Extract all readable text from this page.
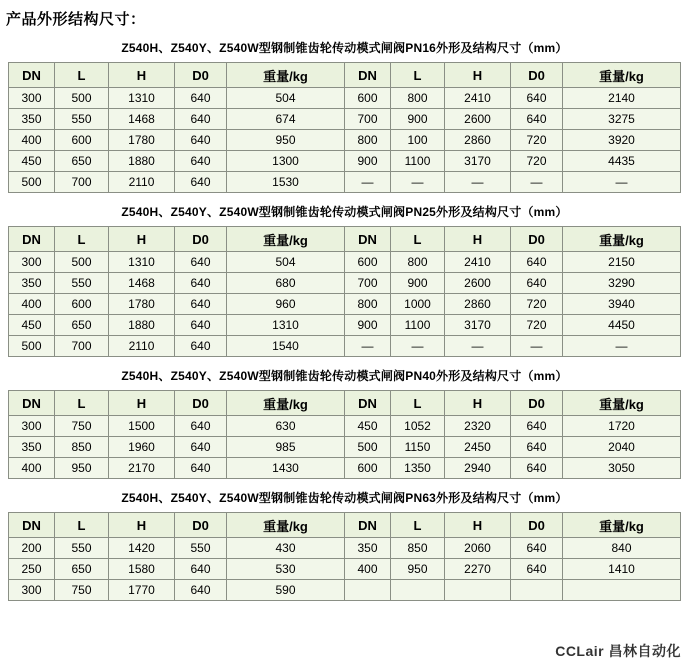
产品外形结构尺寸：
Z540H、Z540Y、Z540W型钢制锥齿轮传动模式闸阀PN16外形及结构尺寸（mm）
DN	L	H	D0	重量/kg	DN	L	H	D0	重量/kg
300	500	1310	640	504	600	800	2410	640	2140
350	550	1468	640	674	700	900	2600	640	3275
400	600	1780	640	950	800	100	2860	720	3920
450	650	1880	640	1300	900	1100	3170	720	4435
500	700	2110	640	1530	—	—	—	—	—
Z540H、Z540Y、Z540W型钢制锥齿轮传动模式闸阀PN25外形及结构尺寸（mm）
DN	L	H	D0	重量/kg	DN	L	H	D0	重量/kg
300	500	1310	640	504	600	800	2410	640	2150
350	550	1468	640	680	700	900	2600	640	3290
400	600	1780	640	960	800	1000	2860	720	3940
450	650	1880	640	1310	900	1100	3170	720	4450
500	700	2110	640	1540	—	—	—	—	—
Z540H、Z540Y、Z540W型钢制锥齿轮传动模式闸阀PN40外形及结构尺寸（mm）
DN	L	H	D0	重量/kg	DN	L	H	D0	重量/kg
300	750	1500	640	630	450	1052	2320	640	1720
350	850	1960	640	985	500	1150	2450	640	2040
400	950	2170	640	1430	600	1350	2940	640	3050
Z540H、Z540Y、Z540W型钢制锥齿轮传动模式闸阀PN63外形及结构尺寸（mm）
DN	L	H	D0	重量/kg	DN	L	H	D0	重量/kg
200	550	1420	550	430	350	850	2060	640	840
250	650	1580	640	530	400	950	2270	640	1410
300	750	1770	640	590					
CCLair 昌林自动化
